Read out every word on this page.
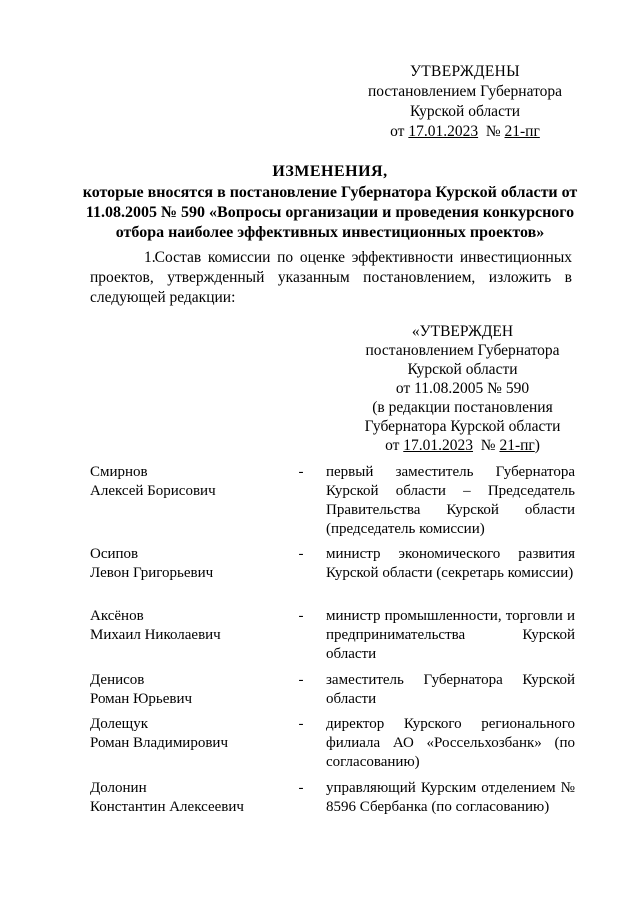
УТВЕРЖДЕНЫ
постановлением Губернатора
Курской области
от 17.01.2023 № 21-пг
ИЗМЕНЕНИЯ,
которые вносятся в постановление Губернатора Курской области от 11.08.2005 № 590 «Вопросы организации и проведения конкурсного отбора наиболее эффективных инвестиционных проектов»
1. Состав комиссии по оценке эффективности инвестиционных проектов, утвержденный указанным постановлением, изложить в следующей редакции:
«УТВЕРЖДЕН
постановлением Губернатора
Курской области
от 11.08.2005 № 590
(в редакции постановления
Губернатора Курской области
от 17.01.2023 № 21-пг)
Смирнов
Алексей Борисович
- первый заместитель Губернатора Курской области – Председатель Правительства Курской области (председатель комиссии)
Осипов
Левон Григорьевич
- министр экономического развития Курской области (секретарь комиссии)
Аксёнов
Михаил Николаевич
- министр промышленности, торговли и предпринимательства Курской области
Денисов
Роман Юрьевич
- заместитель Губернатора Курской области
Долещук
Роман Владимирович
- директор Курского регионального филиала АО «Россельхозбанк» (по согласованию)
Долонин
Константин Алексеевич
- управляющий Курским отделением № 8596 Сбербанка (по согласованию)
